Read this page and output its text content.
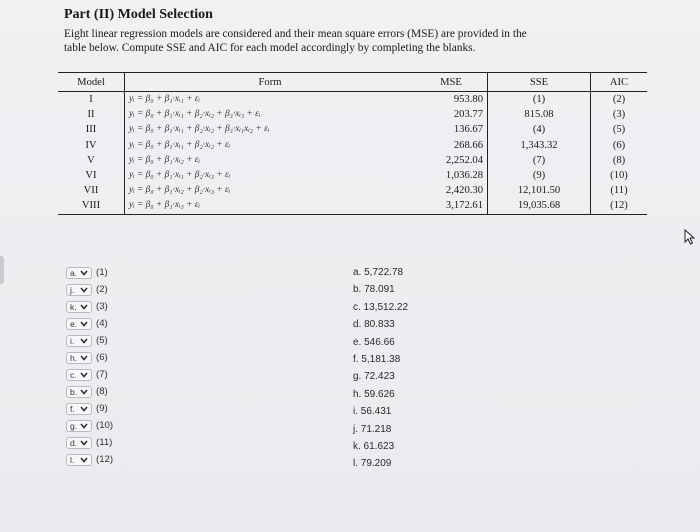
Part (II) Model Selection

Eight linear regression models are considered and their mean square errors (MSE) are provided in the

table below. Compute SSE and AIC for each model accordingly by completing the blanks.

Model	Form	MSE	SSE	AIC
I	yᵢ = β₀ + β₁·xᵢ₁ + εᵢ	953.80	(1)	(2)
II	yᵢ = β₀ + β₁·xᵢ₁ + β₂·xᵢ₂ + β₃·xᵢ₃ + εᵢ	203.77	815.08	(3)
III	yᵢ = β₀ + β₁·xᵢ₁ + β₂·xᵢ₂ + β₃·xᵢ₁xᵢ₂ + εᵢ	136.67	(4)	(5)
IV	yᵢ = β₀ + β₁·xᵢ₁ + β₂·xᵢ₂ + εᵢ	268.66	1,343.32	(6)
V	yᵢ = β₀ + β₁·xᵢ₂ + εᵢ	2,252.04	(7)	(8)
VI	yᵢ = β₀ + β₁·xᵢ₁ + β₂·xᵢ₃ + εᵢ	1,036.28	(9)	(10)
VII	yᵢ = β₀ + β₁·xᵢ₂ + β₂·xᵢ₃ + εᵢ	2,420.30	12,101.50	(11)
VIII	yᵢ = β₀ + β₁·xᵢ₃ + εᵢ	3,172.61	19,035.68	(12)
a. (1)
j. (2)
k. (3)
e. (4)
i. (5)
h. (6)
c. (7)
b. (8)
f. (9)
g. (10)
d. (11)
l. (12)
a. 5,722.78
b. 78.091
c. 13,512.22
d. 80.833
e. 546.66
f. 5,181.38
g. 72.423
h. 59.626
i. 56.431
j. 71.218
k. 61.623
l. 79.209
